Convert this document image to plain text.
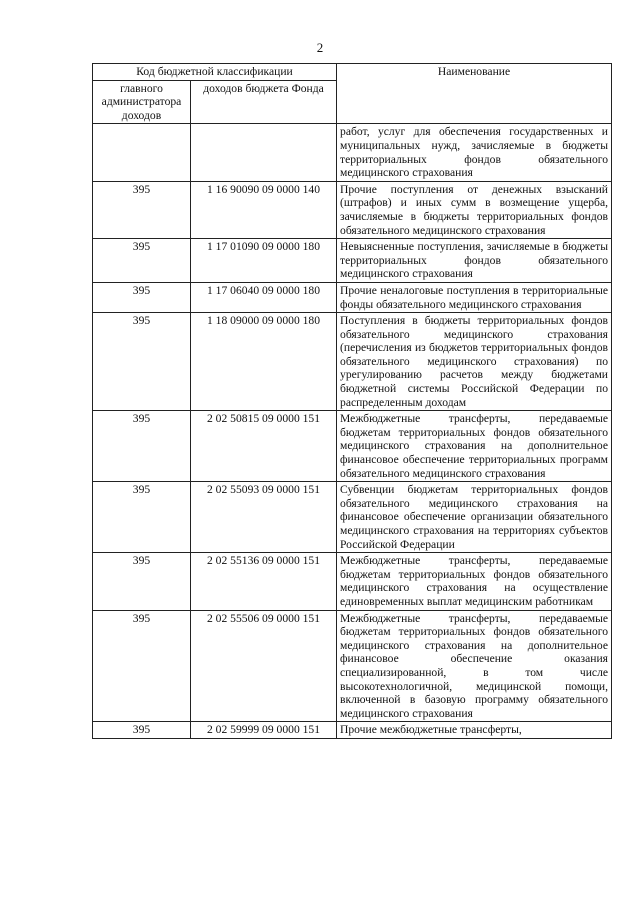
2
Код бюджетной классификации		Наименование
главного администратора доходов	доходов бюджета Фонда	
		работ, услуг для обеспечения государственных и муниципальных нужд, зачисляемые в бюджеты территориальных фондов обязательного медицинского страхования
395	1 16 90090 09 0000 140	Прочие поступления от денежных взысканий (штрафов) и иных сумм в возмещение ущерба, зачисляемые в бюджеты территориальных фондов обязательного медицинского страхования
395	1 17 01090 09 0000 180	Невыясненные поступления, зачисляемые в бюджеты территориальных фондов обязательного медицинского страхования
395	1 17 06040 09 0000 180	Прочие неналоговые поступления в территориальные фонды обязательного медицинского страхования
395	1 18 09000 09 0000 180	Поступления в бюджеты территориальных фондов обязательного медицинского страхования (перечисления из бюджетов территориальных фондов обязательного медицинского страхования) по урегулированию расчетов между бюджетами бюджетной системы Российской Федерации по распределенным доходам
395	2 02 50815 09 0000 151	Межбюджетные трансферты, передаваемые бюджетам территориальных фондов обязательного медицинского страхования на дополнительное финансовое обеспечение территориальных программ обязательного медицинского страхования
395	2 02 55093 09 0000 151	Субвенции бюджетам территориальных фондов обязательного медицинского страхования на финансовое обеспечение организации обязательного медицинского страхования на территориях субъектов Российской Федерации
395	2 02 55136 09 0000 151	Межбюджетные трансферты, передаваемые бюджетам территориальных фондов обязательного медицинского страхования на осуществление единовременных выплат медицинским работникам
395	2 02 55506 09 0000 151	Межбюджетные трансферты, передаваемые бюджетам территориальных фондов обязательного медицинского страхования на дополнительное финансовое обеспечение оказания специализированной, в том числе высокотехнологичной, медицинской помощи, включенной в базовую программу обязательного медицинского страхования
395	2 02 59999 09 0000 151	Прочие межбюджетные трансферты,
